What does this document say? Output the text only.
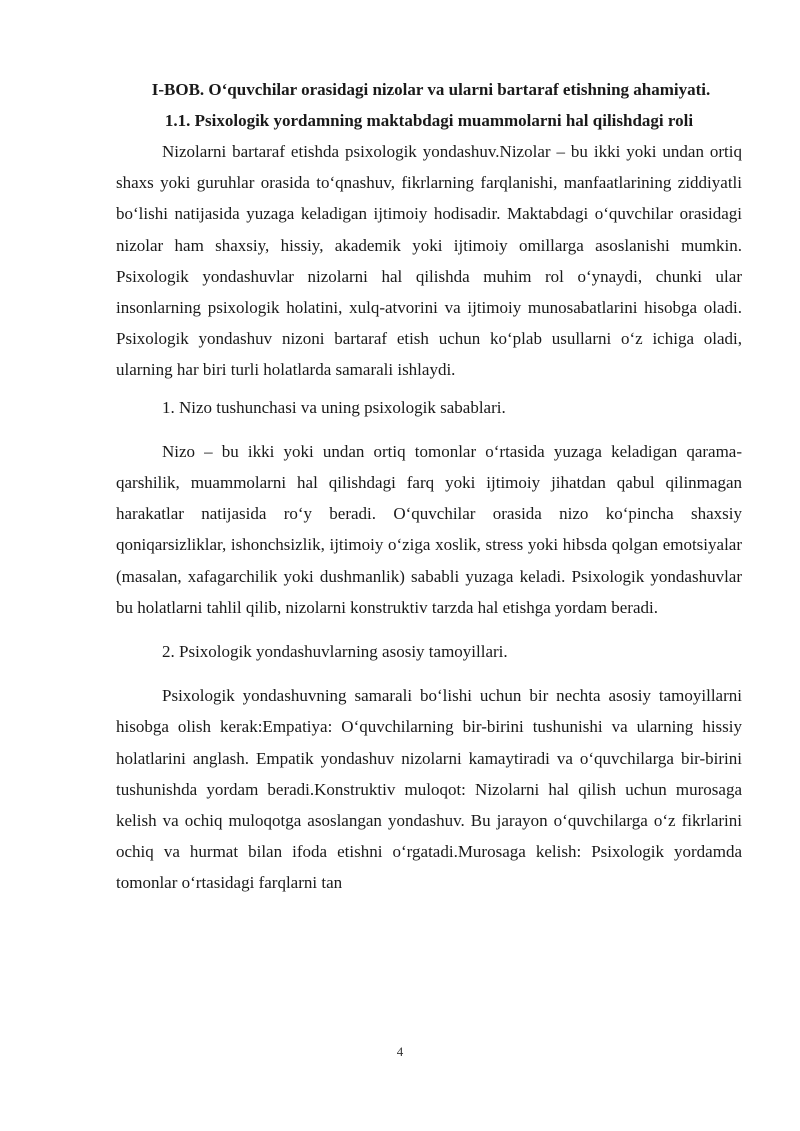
I-BOB. Oʻquvchilar orasidagi nizolar va ularni bartaraf etishning ahamiyati.
1.1. Psixologik yordamning maktabdagi muammolarni hal qilishdagi roli

Nizolarni bartaraf etishda psixologik yondashuv.Nizolar – bu ikki yoki undan ortiq shaxs yoki guruhlar orasida toʻqnashuv, fikrlarning farqlanishi, manfaatlarining ziddiyatli boʻlishi natijasida yuzaga keladigan ijtimoiy hodisadir. Maktabdagi oʻquvchilar orasidagi nizolar ham shaxsiy, hissiy, akademik yoki ijtimoiy omillarga asoslanishi mumkin. Psixologik yondashuvlar nizolarni hal qilishda muhim rol oʻynaydi, chunki ular insonlarning psixologik holatini, xulq-atvorini va ijtimoiy munosabatlarini hisobga oladi. Psixologik yondashuv nizoni bartaraf etish uchun koʻplab usullarni oʻz ichiga oladi, ularning har biri turli holatlarda samarali ishlaydi.

1. Nizo tushunchasi va uning psixologik sabablari.

Nizo – bu ikki yoki undan ortiq tomonlar oʻrtasida yuzaga keladigan qarama-qarshilik, muammolarni hal qilishdagi farq yoki ijtimoiy jihatdan qabul qilinmagan harakatlar natijasida roʻy beradi. Oʻquvchilar orasida nizo koʻpincha shaxsiy qoniqarsizliklar, ishonchsizlik, ijtimoiy oʻziga xoslik, stress yoki hibsda qolgan emotsiyalar (masalan, xafagarchilik yoki dushmanlik) sababli yuzaga keladi. Psixologik yondashuvlar bu holatlarni tahlil qilib, nizolarni konstruktiv tarzda hal etishga yordam beradi.

2. Psixologik yondashuvlarning asosiy tamoyillari.

Psixologik yondashuvning samarali boʻlishi uchun bir nechta asosiy tamoyillarni hisobga olish kerak:Empatiya: Oʻquvchilarning bir-birini tushunishi va ularning hissiy holatlarini anglash. Empatik yondashuv nizolarni kamaytiradi va oʻquvchilarga bir-birini tushunishda yordam beradi.Konstruktiv muloqot: Nizolarni hal qilish uchun murosaga kelish va ochiq muloqotga asoslangan yondashuv. Bu jarayon oʻquvchilarga oʻz fikrlarini ochiq va hurmat bilan ifoda etishni oʻrgatadi.Murosaga kelish: Psixologik yordamda tomonlar oʻrtasidagi farqlarni tan

4
